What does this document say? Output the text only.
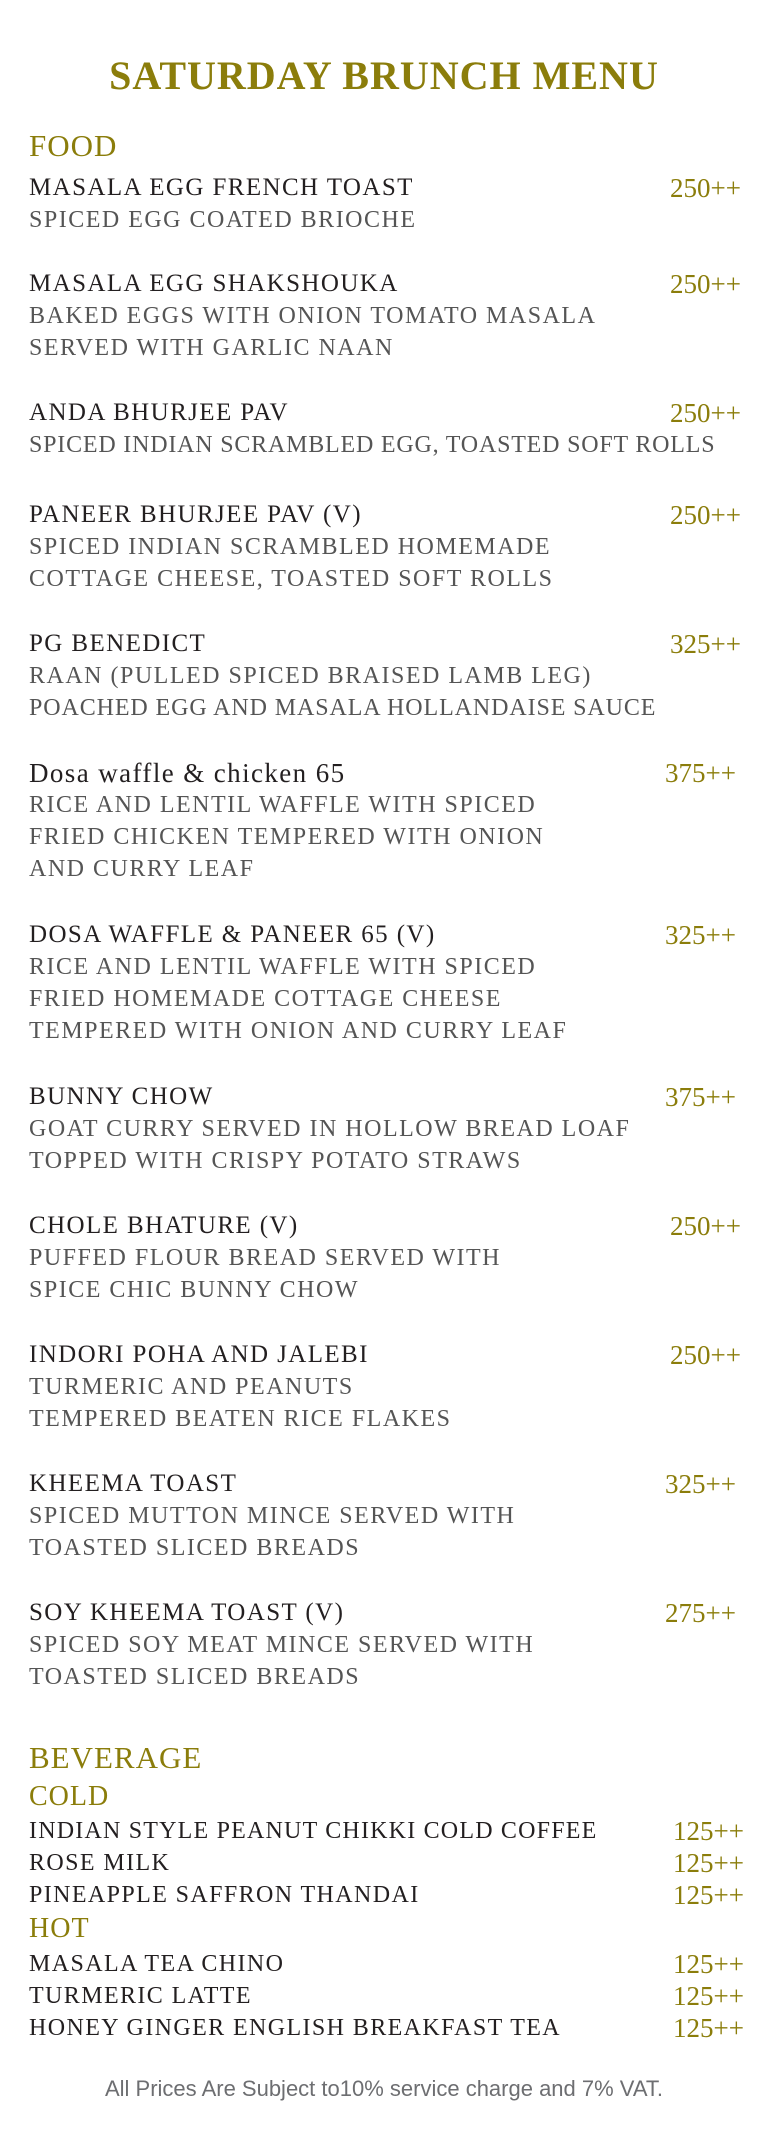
SATURDAY BRUNCH MENU
FOOD
MASALA EGG FRENCH TOAST	250++
SPICED EGG COATED BRIOCHE
MASALA EGG SHAKSHOUKA	250++
BAKED EGGS WITH ONION TOMATO MASALA
SERVED WITH GARLIC NAAN
ANDA BHURJEE PAV	250++
SPICED INDIAN SCRAMBLED EGG, TOASTED SOFT ROLLS
PANEER BHURJEE PAV (V)	250++
SPICED INDIAN SCRAMBLED HOMEMADE
COTTAGE CHEESE, TOASTED SOFT ROLLS
PG BENEDICT	325++
RAAN (PULLED SPICED BRAISED LAMB LEG)
POACHED EGG AND MASALA HOLLANDAISE SAUCE
Dosa waffle & chicken 65	375++
RICE AND LENTIL WAFFLE WITH SPICED
FRIED CHICKEN TEMPERED WITH ONION
AND CURRY LEAF
DOSA WAFFLE & PANEER 65 (V)	325++
RICE AND LENTIL WAFFLE WITH SPICED
FRIED HOMEMADE COTTAGE CHEESE
TEMPERED WITH ONION AND CURRY LEAF
BUNNY CHOW	375++
GOAT CURRY SERVED IN HOLLOW BREAD LOAF
TOPPED WITH CRISPY POTATO STRAWS
CHOLE BHATURE (V)	250++
PUFFED FLOUR BREAD SERVED WITH
SPICE CHIC BUNNY CHOW
INDORI POHA AND JALEBI	250++
TURMERIC AND PEANUTS
TEMPERED BEATEN RICE FLAKES
KHEEMA TOAST	325++
SPICED MUTTON MINCE SERVED WITH
TOASTED SLICED BREADS
SOY KHEEMA TOAST (V)	275++
SPICED SOY MEAT MINCE SERVED WITH
TOASTED SLICED BREADS
BEVERAGE
COLD
INDIAN STYLE PEANUT CHIKKI COLD COFFEE	125++
ROSE MILK	125++
PINEAPPLE SAFFRON THANDAI	125++
HOT
MASALA TEA CHINO	125++
TURMERIC LATTE	125++
HONEY GINGER ENGLISH BREAKFAST TEA	125++
All Prices Are Subject to10% service charge and 7% VAT.
